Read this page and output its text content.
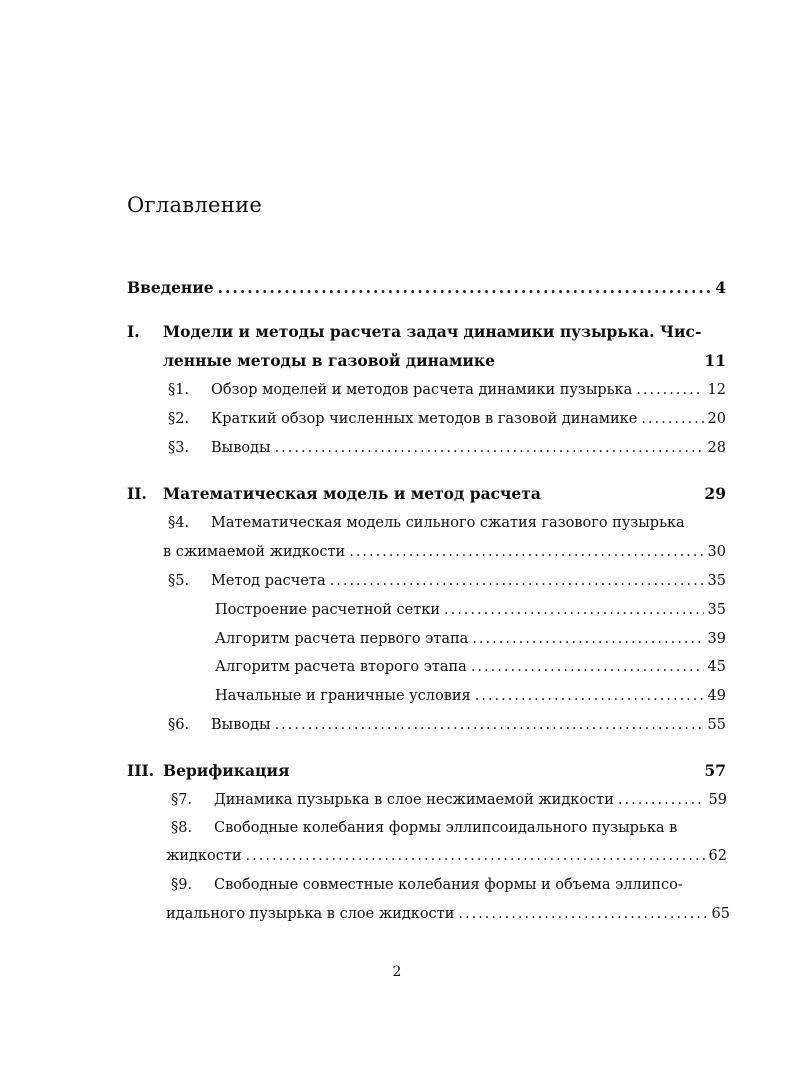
Оглавление
Введение .....	4
I.	Модели и методы расчета задач динамики пузырька. Чис-
ленные методы в газовой динамике	11
§1.	Обзор моделей и методов расчета динамики пузырька .....	12
§2.	Краткий обзор численных методов в газовой динамике .....	20
§3.	Выводы .....	28
II.	Математическая модель и метод расчета	29
§4.	Математическая модель сильного сжатия газового пузырька
в сжимаемой жидкости .....	30
§5.	Метод расчета .....	35
Построение расчетной сетки .....	35
Алгоритм расчета первого этапа .....	39
Алгоритм расчета второго этапа .....	45
Начальные и граничные условия .....	49
§6.	Выводы .....	55
III. Верификация	57
§7.	Динамика пузырька в слое несжимаемой жидкости .....	59
§8.	Свободные колебания формы эллипсоидального пузырька в
жидкости .....	62
§9.	Свободные совместные колебания формы и объема эллипсо-
идального пузырька в слое жидкости .....	65
2
